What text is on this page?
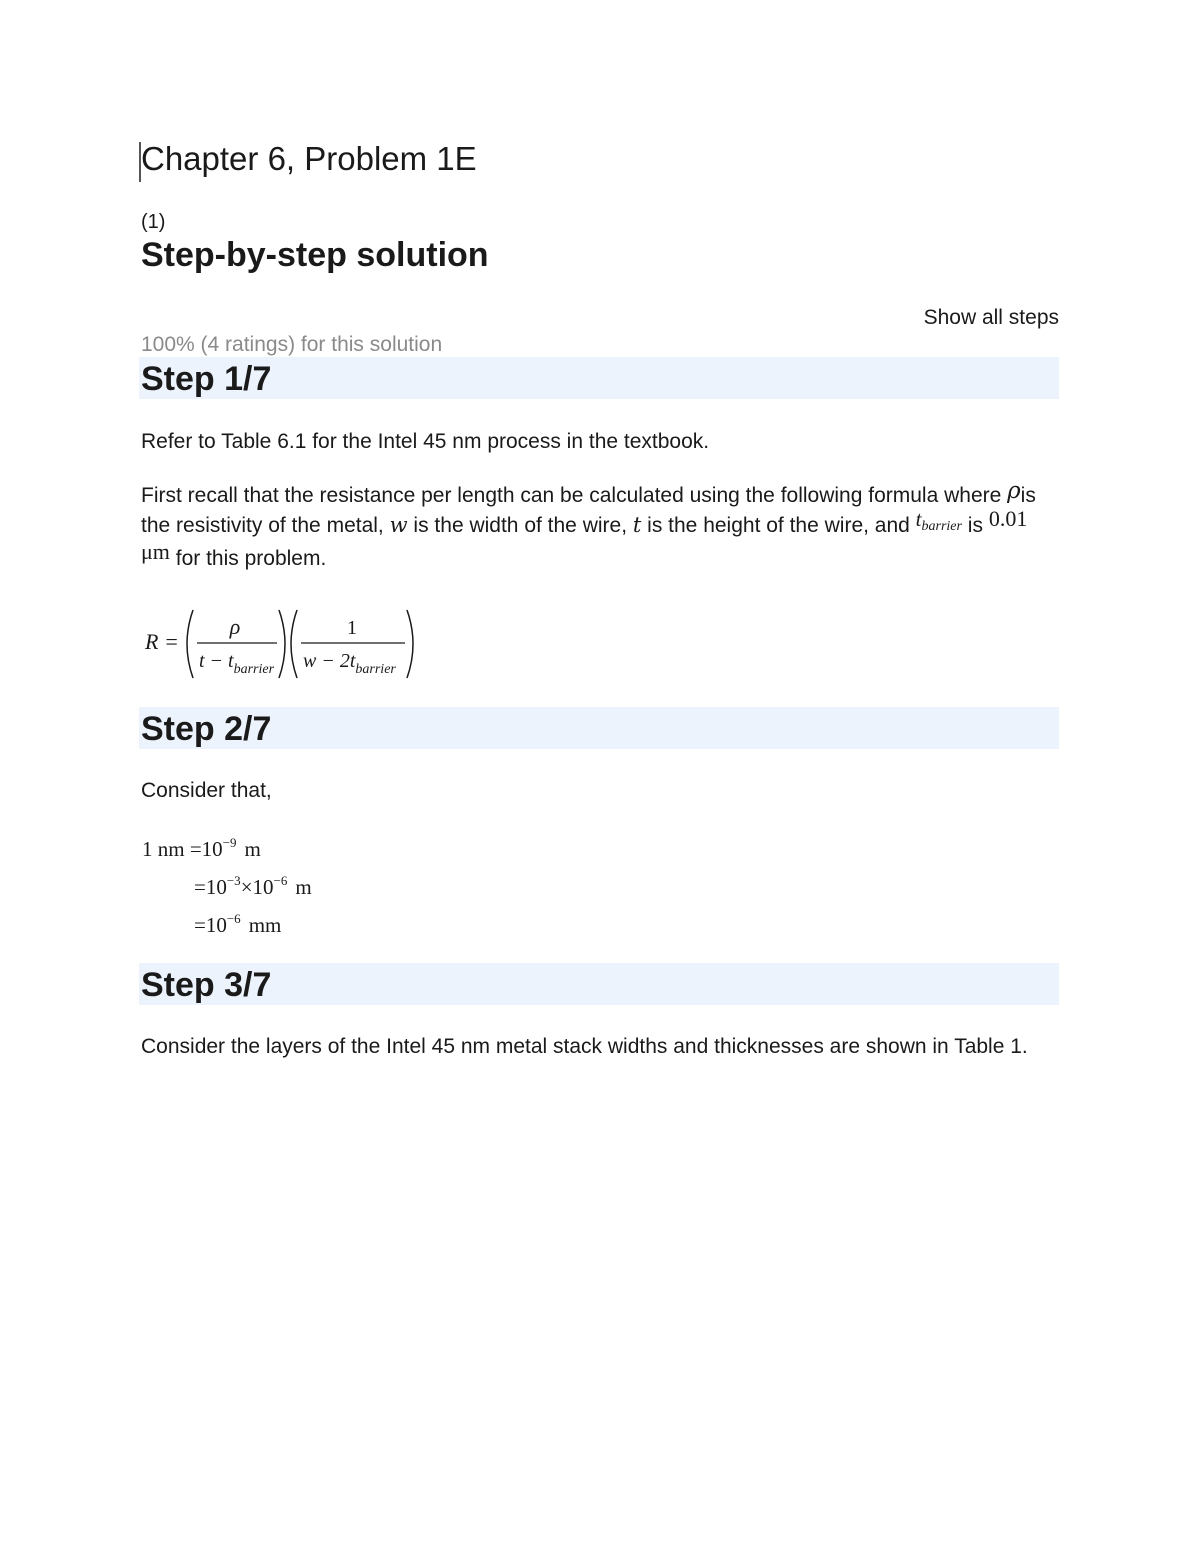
Chapter 6, Problem 1E
(1)
Step-by-step solution
Show all steps
100% (4 ratings) for this solution
Step 1/7
Refer to Table 6.1 for the Intel 45 nm process in the textbook.
First recall that the resistance per length can be calculated using the following formula where ρis the resistivity of the metal, w is the width of the wire, t is the height of the wire, and tbarrier is 0.01 μm for this problem.
R =
ρ
$t - t_{barrier}$
1
$w - 2t_{barrier}$
Step 2/7
Consider that,
1 nm $=10^{-9}$ m
$=10^{-3}\times 10^{-6}$ m
$=10^{-6}$ mm
Step 3/7
Consider the layers of the Intel 45 nm metal stack widths and thicknesses are shown in Table 1.
